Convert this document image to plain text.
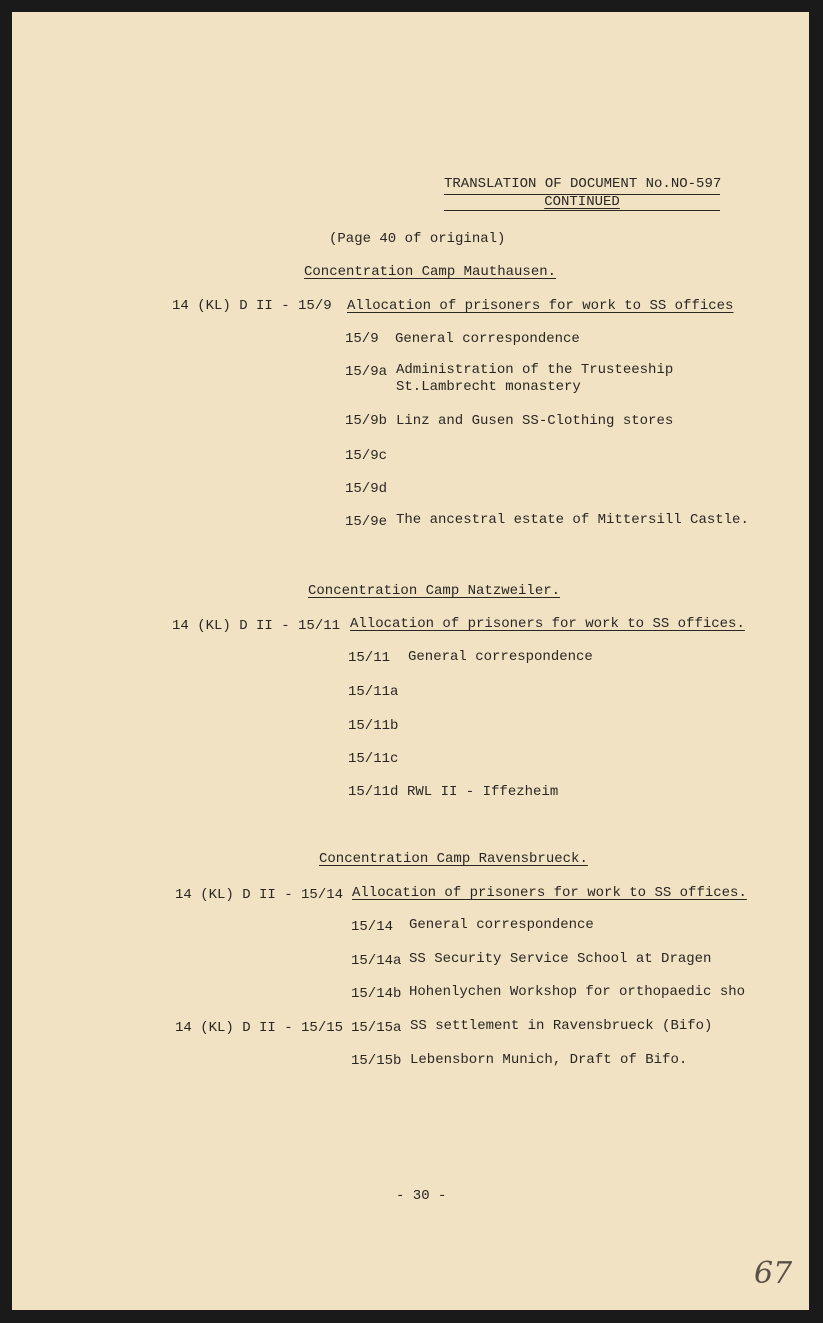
TRANSLATION OF DOCUMENT No.NO-597
CONTINUED
(Page 40 of original)
Concentration Camp Mauthausen.
14 (KL) D II - 15/9 Allocation of prisoners for work to SS offices
15/9 General correspondence
15/9a Administration of the Trusteeship
St.Lambrecht monastery
15/9b Linz and Gusen SS-Clothing stores
15/9c
15/9d
15/9e The ancestral estate of Mittersill Castle.
Concentration Camp Natzweiler.
14 (KL) D II - 15/11 Allocation of prisoners for work to SS offices.
15/11 General correspondence
15/11a
15/11b
15/11c
15/11d RWL II - Iffezheim
Concentration Camp Ravensbrueck.
14 (KL) D II - 15/14 Allocation of prisoners for work to SS offices.
15/14 General correspondence
15/14a SS Security Service School at Dragen
15/14b Hohenlychen Workshop for orthopaedic sho
14 (KL) D II - 15/15 15/15a SS settlement in Ravensbrueck (Bifo)
15/15b Lebensborn Munich, Draft of Bifo.
- 30 -
67
